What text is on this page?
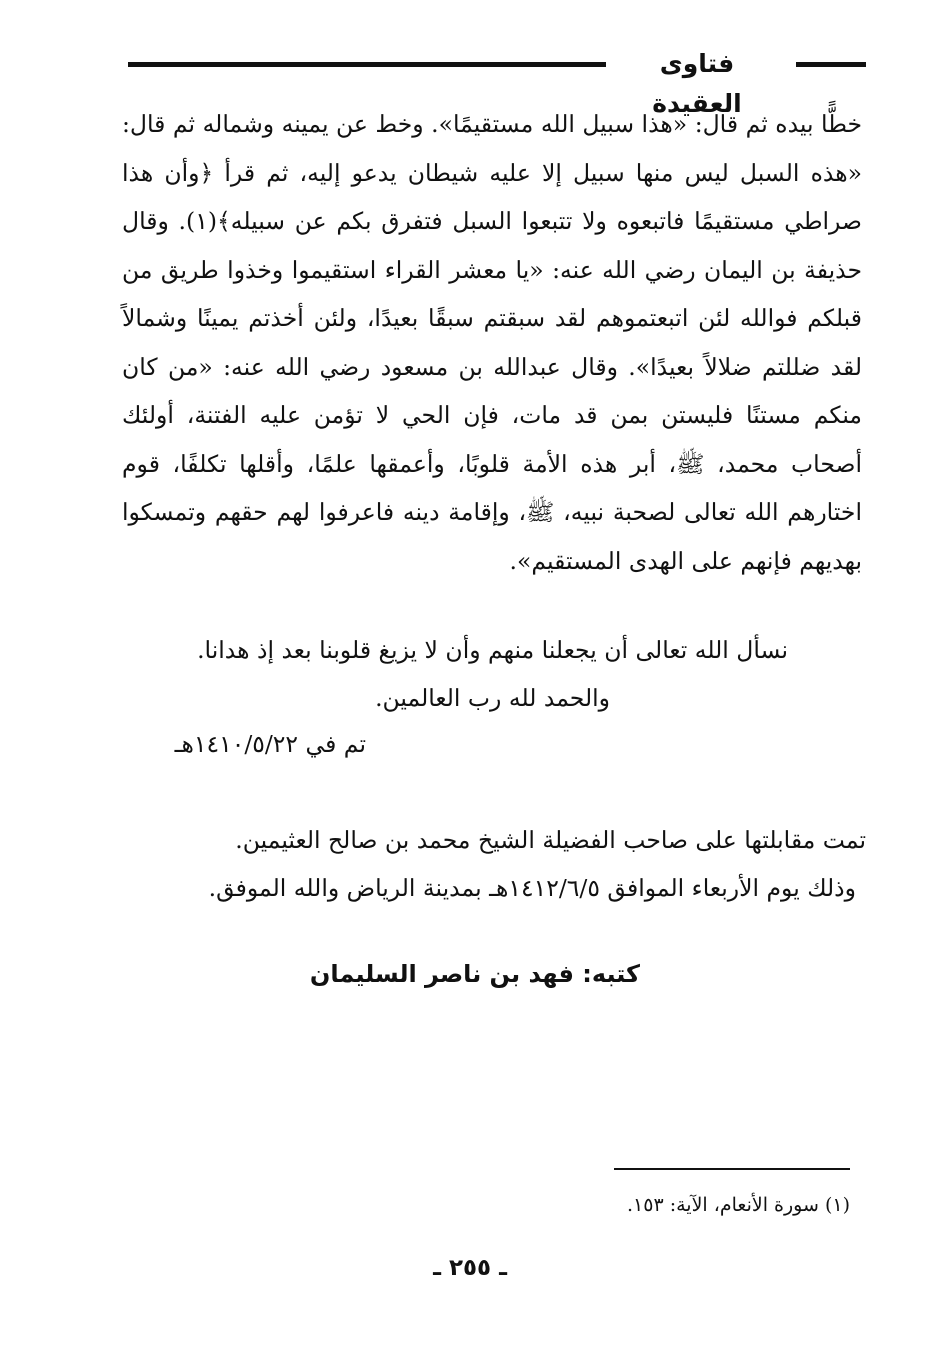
فتاوى العقيدة
خطًّا بيده ثم قال: «هذا سبيل الله مستقيمًا». وخط عن يمينه وشماله ثم قال: «هذه السبل ليس منها سبيل إلا عليه شيطان يدعو إليه، ثم قرأ ﴿وأن هذا صراطي مستقيمًا فاتبعوه ولا تتبعوا السبل فتفرق بكم عن سبيله﴾(١). وقال حذيفة بن اليمان رضي الله عنه: «يا معشر القراء استقيموا وخذوا طريق من قبلكم فوالله لئن اتبعتموهم لقد سبقتم سبقًا بعيدًا، ولئن أخذتم يمينًا وشمالاً لقد ضللتم ضلالاً بعيدًا». وقال عبدالله بن مسعود رضي الله عنه: «من كان منكم مستنًا فليستن بمن قد مات، فإن الحي لا تؤمن عليه الفتنة، أولئك أصحاب محمد، ﷺ، أبر هذه الأمة قلوبًا، وأعمقها علمًا، وأقلها تكلفًا، قوم اختارهم الله تعالى لصحبة نبيه، ﷺ، وإقامة دينه فاعرفوا لهم حقهم وتمسكوا بهديهم فإنهم على الهدى المستقيم».
نسأل الله تعالى أن يجعلنا منهم وأن لا يزيغ قلوبنا بعد إذ هدانا.
والحمد لله رب العالمين.
تم في ١٤١٠/٥/٢٢هـ
تمت مقابلتها على صاحب الفضيلة الشيخ محمد بن صالح العثيمين.
وذلك يوم الأربعاء الموافق ١٤١٢/٦/٥هـ بمدينة الرياض والله الموفق.
كتبه: فهد بن ناصر السليمان
(١) سورة الأنعام، الآية: ١٥٣.
ـ ٢٥٥ ـ
